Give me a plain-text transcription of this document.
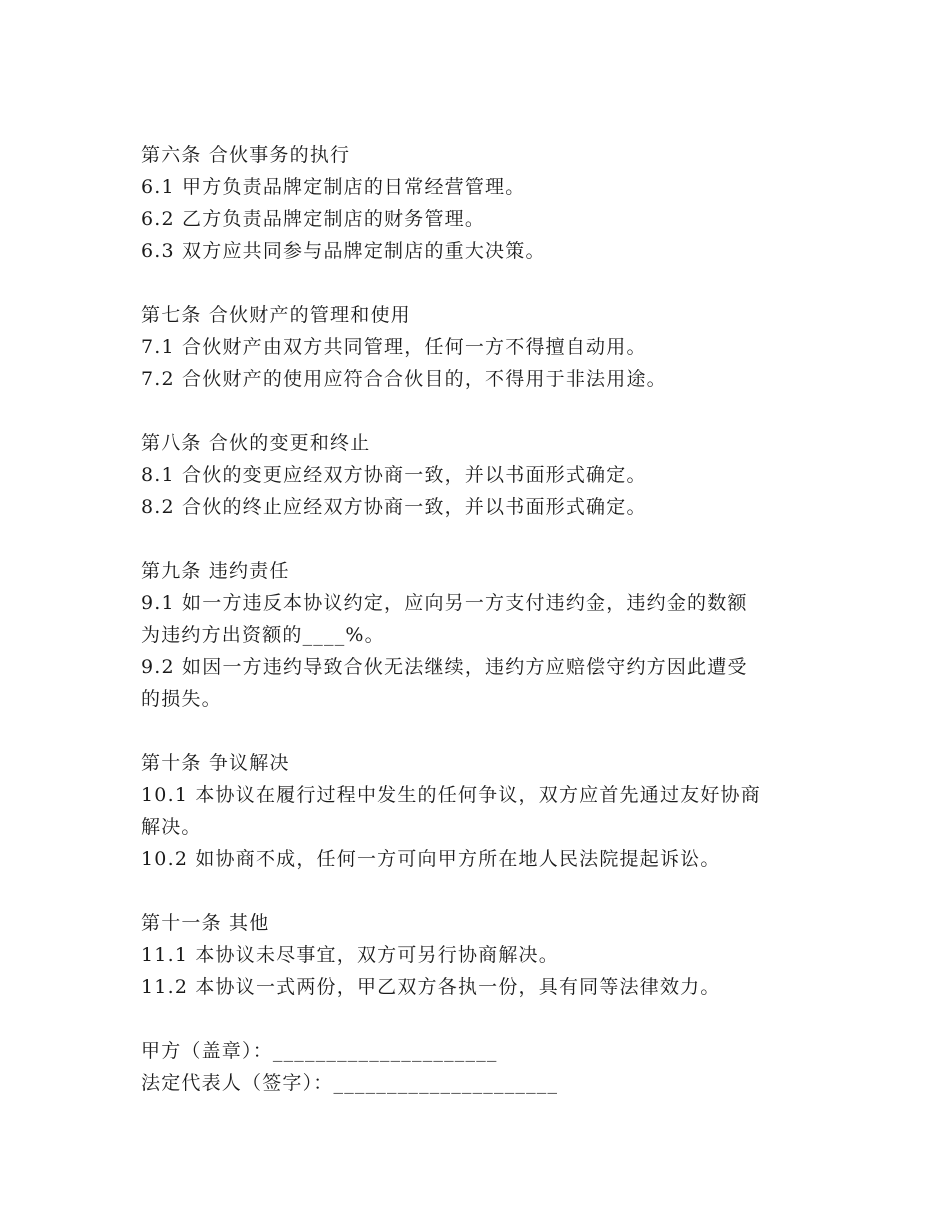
第六条 合伙事务的执行

6.1 甲方负责品牌定制店的日常经营管理。

6.2 乙方负责品牌定制店的财务管理。

6.3 双方应共同参与品牌定制店的重大决策。

第七条 合伙财产的管理和使用

7.1 合伙财产由双方共同管理，任何一方不得擅自动用。

7.2 合伙财产的使用应符合合伙目的，不得用于非法用途。

第八条 合伙的变更和终止

8.1 合伙的变更应经双方协商一致，并以书面形式确定。

8.2 合伙的终止应经双方协商一致，并以书面形式确定。

第九条 违约责任

9.1 如一方违反本协议约定，应向另一方支付违约金，违约金的数额

为违约方出资额的____%。

9.2 如因一方违约导致合伙无法继续，违约方应赔偿守约方因此遭受

的损失。

第十条 争议解决

10.1 本协议在履行过程中发生的任何争议，双方应首先通过友好协商

解决。

10.2 如协商不成，任何一方可向甲方所在地人民法院提起诉讼。

第十一条 其他

11.1 本协议未尽事宜，双方可另行协商解决。

11.2 本协议一式两份，甲乙双方各执一份，具有同等法律效力。

甲方（盖章）：_____________________

法定代表人（签字）：_____________________
